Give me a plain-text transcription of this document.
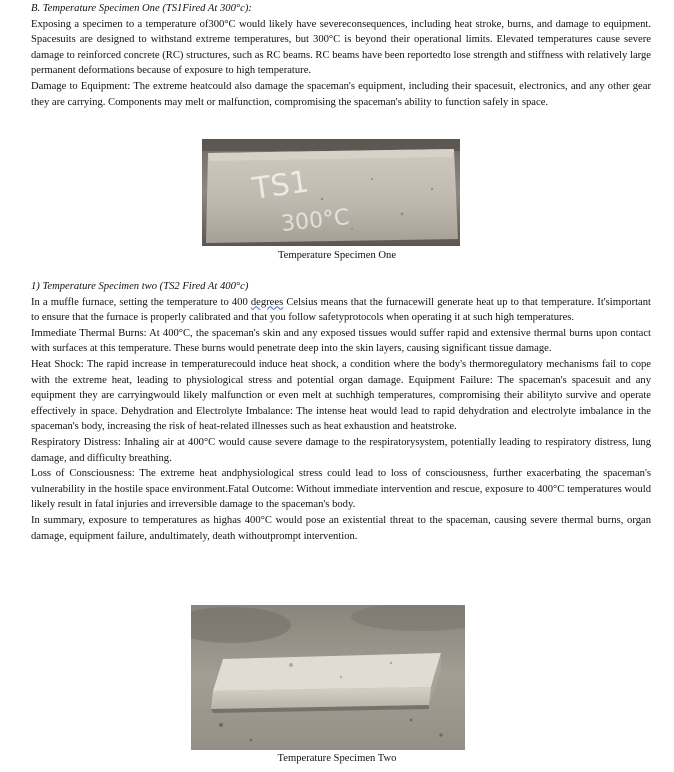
B. Temperature Specimen One (TS1Fired At 300°c):

Exposing a specimen to a temperature of300°C would likely have severeconsequences, including heat stroke, burns, and damage to equipment. Spacesuits are designed to withstand extreme temperatures, but 300°C is beyond their operational limits. Elevated temperatures cause severe damage to reinforced concrete (RC) structures, such as RC beams. RC beams have been reportedto lose strength and stiffness with relatively large permanent deformations because of exposure to high temperature.

Damage to Equipment: The extreme heatcould also damage the spaceman's equipment, including their spacesuit, electronics, and any other gear they are carrying. Components may melt or malfunction, compromising the spaceman's ability to function safely in space.

TS1
300°C
Temperature Specimen One

1) Temperature Specimen two (TS2 Fired At 400°c)

In a muffle furnace, setting the temperature to 400 degrees Celsius means that the furnacewill generate heat up to that temperature. It'simportant to ensure that the furnace is properly calibrated and that you follow safetyprotocols when operating it at such high temperatures.

Immediate Thermal Burns: At 400°C, the spaceman's skin and any exposed tissues would suffer rapid and extensive thermal burns upon contact with surfaces at this temperature. These burns would penetrate deep into the skin layers, causing significant tissue damage.

Heat Shock: The rapid increase in temperaturecould induce heat shock, a condition where the body's thermoregulatory mechanisms fail to cope with the extreme heat, leading to physiological stress and potential organ damage. Equipment Failure: The spaceman's spacesuit and any equipment they are carryingwould likely malfunction or even melt at suchhigh temperatures, compromising their abilityto survive and operate effectively in space. Dehydration and Electrolyte Imbalance: The intense heat would lead to rapid dehydration and electrolyte imbalance in the spaceman's body, increasing the risk of heat-related illnesses such as heat exhaustion and heatstroke.

Respiratory Distress: Inhaling air at 400°C would cause severe damage to the respiratorysystem, potentially leading to respiratory distress, lung damage, and difficulty breathing.

Loss of Consciousness: The extreme heat andphysiological stress could lead to loss of consciousness, further exacerbating the spaceman's vulnerability in the hostile space environment.Fatal Outcome: Without immediate intervention and rescue, exposure to 400°C temperatures would likely result in fatal injuries and irreversible damage to the spaceman's body.

In summary, exposure to temperatures as highas 400°C would pose an existential threat to the spaceman, causing severe thermal burns, organ damage, equipment failure, andultimately, death withoutprompt intervention.

Temperature Specimen Two
